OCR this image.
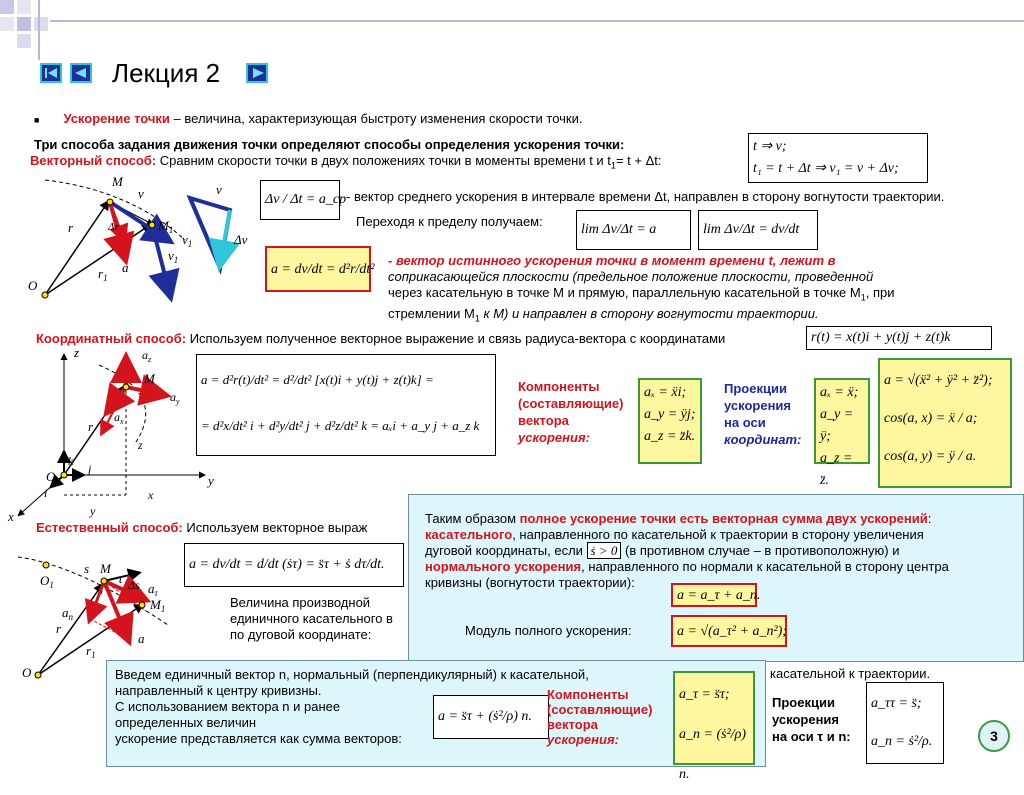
Лекция 2
■ Ускорение точки – величина, характеризующая быстроту изменения скорости точки.
Три способа задания движения точки определяют способы определения ускорения точки:
Векторный способ: Сравним скорости точки в двух положениях точки в моменты времени t и $t_1= t + \Delta t$:
t ⇒ v;
t₁ = t + Δt ⇒ v₁ = v + Δv;
Δv / Δt = a_ср - вектор среднего ускорения в интервале времени Δt, направлен в сторону вогнутости траектории.
Переходя к пределу получаем:
lim Δv/Δt = a	lim Δv/Δt = dv/dt
a = dv/dt = d²r/dt²
- вектор истинного ускорения точки в момент времени t, лежит в
соприкасающейся плоскости (предельное положение плоскости, проведенной
через касательную в точке M и прямую, параллельную касательной в точке $M_1$, при
стремлении $M_1$ к M) и направлен в сторону вогнутости траектории.
M
$M_1$
O
r
$r_1$
v
$v_1$
$v_1$
a
v
Δv
Δr
Координатный способ: Используем полученное векторное выражение и связь радиуса-вектора с координатами	r(t) = x(t)i + y(t)j + z(t)k
a = d²r(t)/dt² = d²/dt² [x(t)i + y(t)j + z(t)k] =
= d²x/dt² i + d²y/dt² j + d²z/dt² k = aₓi + a_y j + a_z k
Компоненты
(составляющие)
вектора
ускорения:
aₓ = ẍi;
a_y = ÿj;
a_z = z̈k.
Проекции
ускорения
на оси
координат:
aₓ = ẍ;
a_y = ÿ;
a_z = z̈.
a = √(ẍ² + ÿ² + z̈²);
cos(a, x) = ẍ / a;
cos(a, y) = ÿ / a.
z
y
x
O
M
r
k
j
i
$a_z$
$a_y$
$a_x$
z
x
y
Естественный способ: Используем векторное выраж
a = dv/dt = d/dt (ṡτ) = s̈τ + ṡ dτ/dt.
Величина производной
единичного касательного в
по дуговой координате:
O
$O_1$
s M
τ Δs
$M_1$
$a_n$
$a_\tau$
r
$r_1$
a
Таким образом полное ускорение точки есть векторная сумма двух ускорений:
касательного, направленного по касательной к траектории в сторону увеличения
дуговой координаты, если ṡ > 0 (в противном случае – в противоположную) и
нормального ускорения, направленного по нормали к касательной в сторону центра
кривизны (вогнутости траектории):
a = a_τ + a_n.
Модуль полного ускорения:	a = √(a_τ² + a_n²);
касательной к траектории.
Введем единичный вектор n, нормальный (перпендикулярный) к касательной,
направленный к центру кривизны.
С использованием вектора n и ранее
определенных величин
ускорение представляется как сумма векторов:
a = s̈τ + (ṡ²/ρ) n.
Компоненты
(составляющие)
вектора
ускорения:
a_τ = s̈τ;
a_n = (ṡ²/ρ) n.
Проекции
ускорения
на оси τ и n:
a_ττ = s̈;
a_n = ṡ²/ρ.	3
